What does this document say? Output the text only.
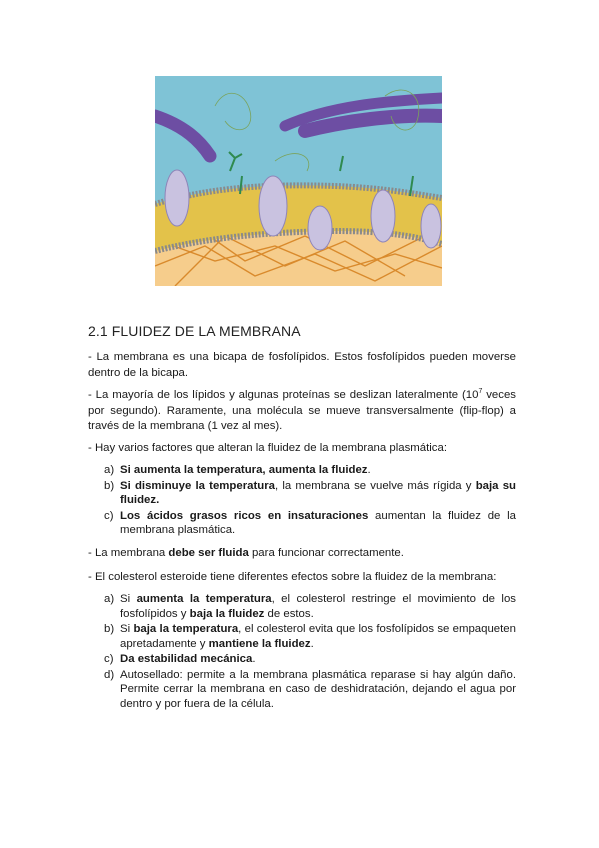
2.1 FLUIDEZ DE LA MEMBRANA
- La membrana es una bicapa de fosfolípidos. Estos fosfolípidos pueden moverse dentro de la bicapa.
- La mayoría de los lípidos y algunas proteínas se deslizan lateralmente ($10^7$ veces por segundo). Raramente, una molécula se mueve transversalmente (flip-flop) a través de la membrana (1 vez al mes).
- Hay varios factores que alteran la fluidez de la membrana plasmática:
a) Si aumenta la temperatura, aumenta la fluidez.
b) Si disminuye la temperatura, la membrana se vuelve más rígida y baja su fluidez.
c) Los ácidos grasos ricos en insaturaciones aumentan la fluidez de la membrana plasmática.
- La membrana debe ser fluida para funcionar correctamente.
- El colesterol esteroide tiene diferentes efectos sobre la fluidez de la membrana:
a) Si aumenta la temperatura, el colesterol restringe el movimiento de los fosfolípidos y baja la fluidez de estos.
b) Si baja la temperatura, el colesterol evita que los fosfolípidos se empaqueten apretadamente y mantiene la fluidez.
c) Da estabilidad mecánica.
d) Autosellado: permite a la membrana plasmática reparase si hay algún daño. Permite cerrar la membrana en caso de deshidratación, dejando el agua por dentro y por fuera de la célula.
